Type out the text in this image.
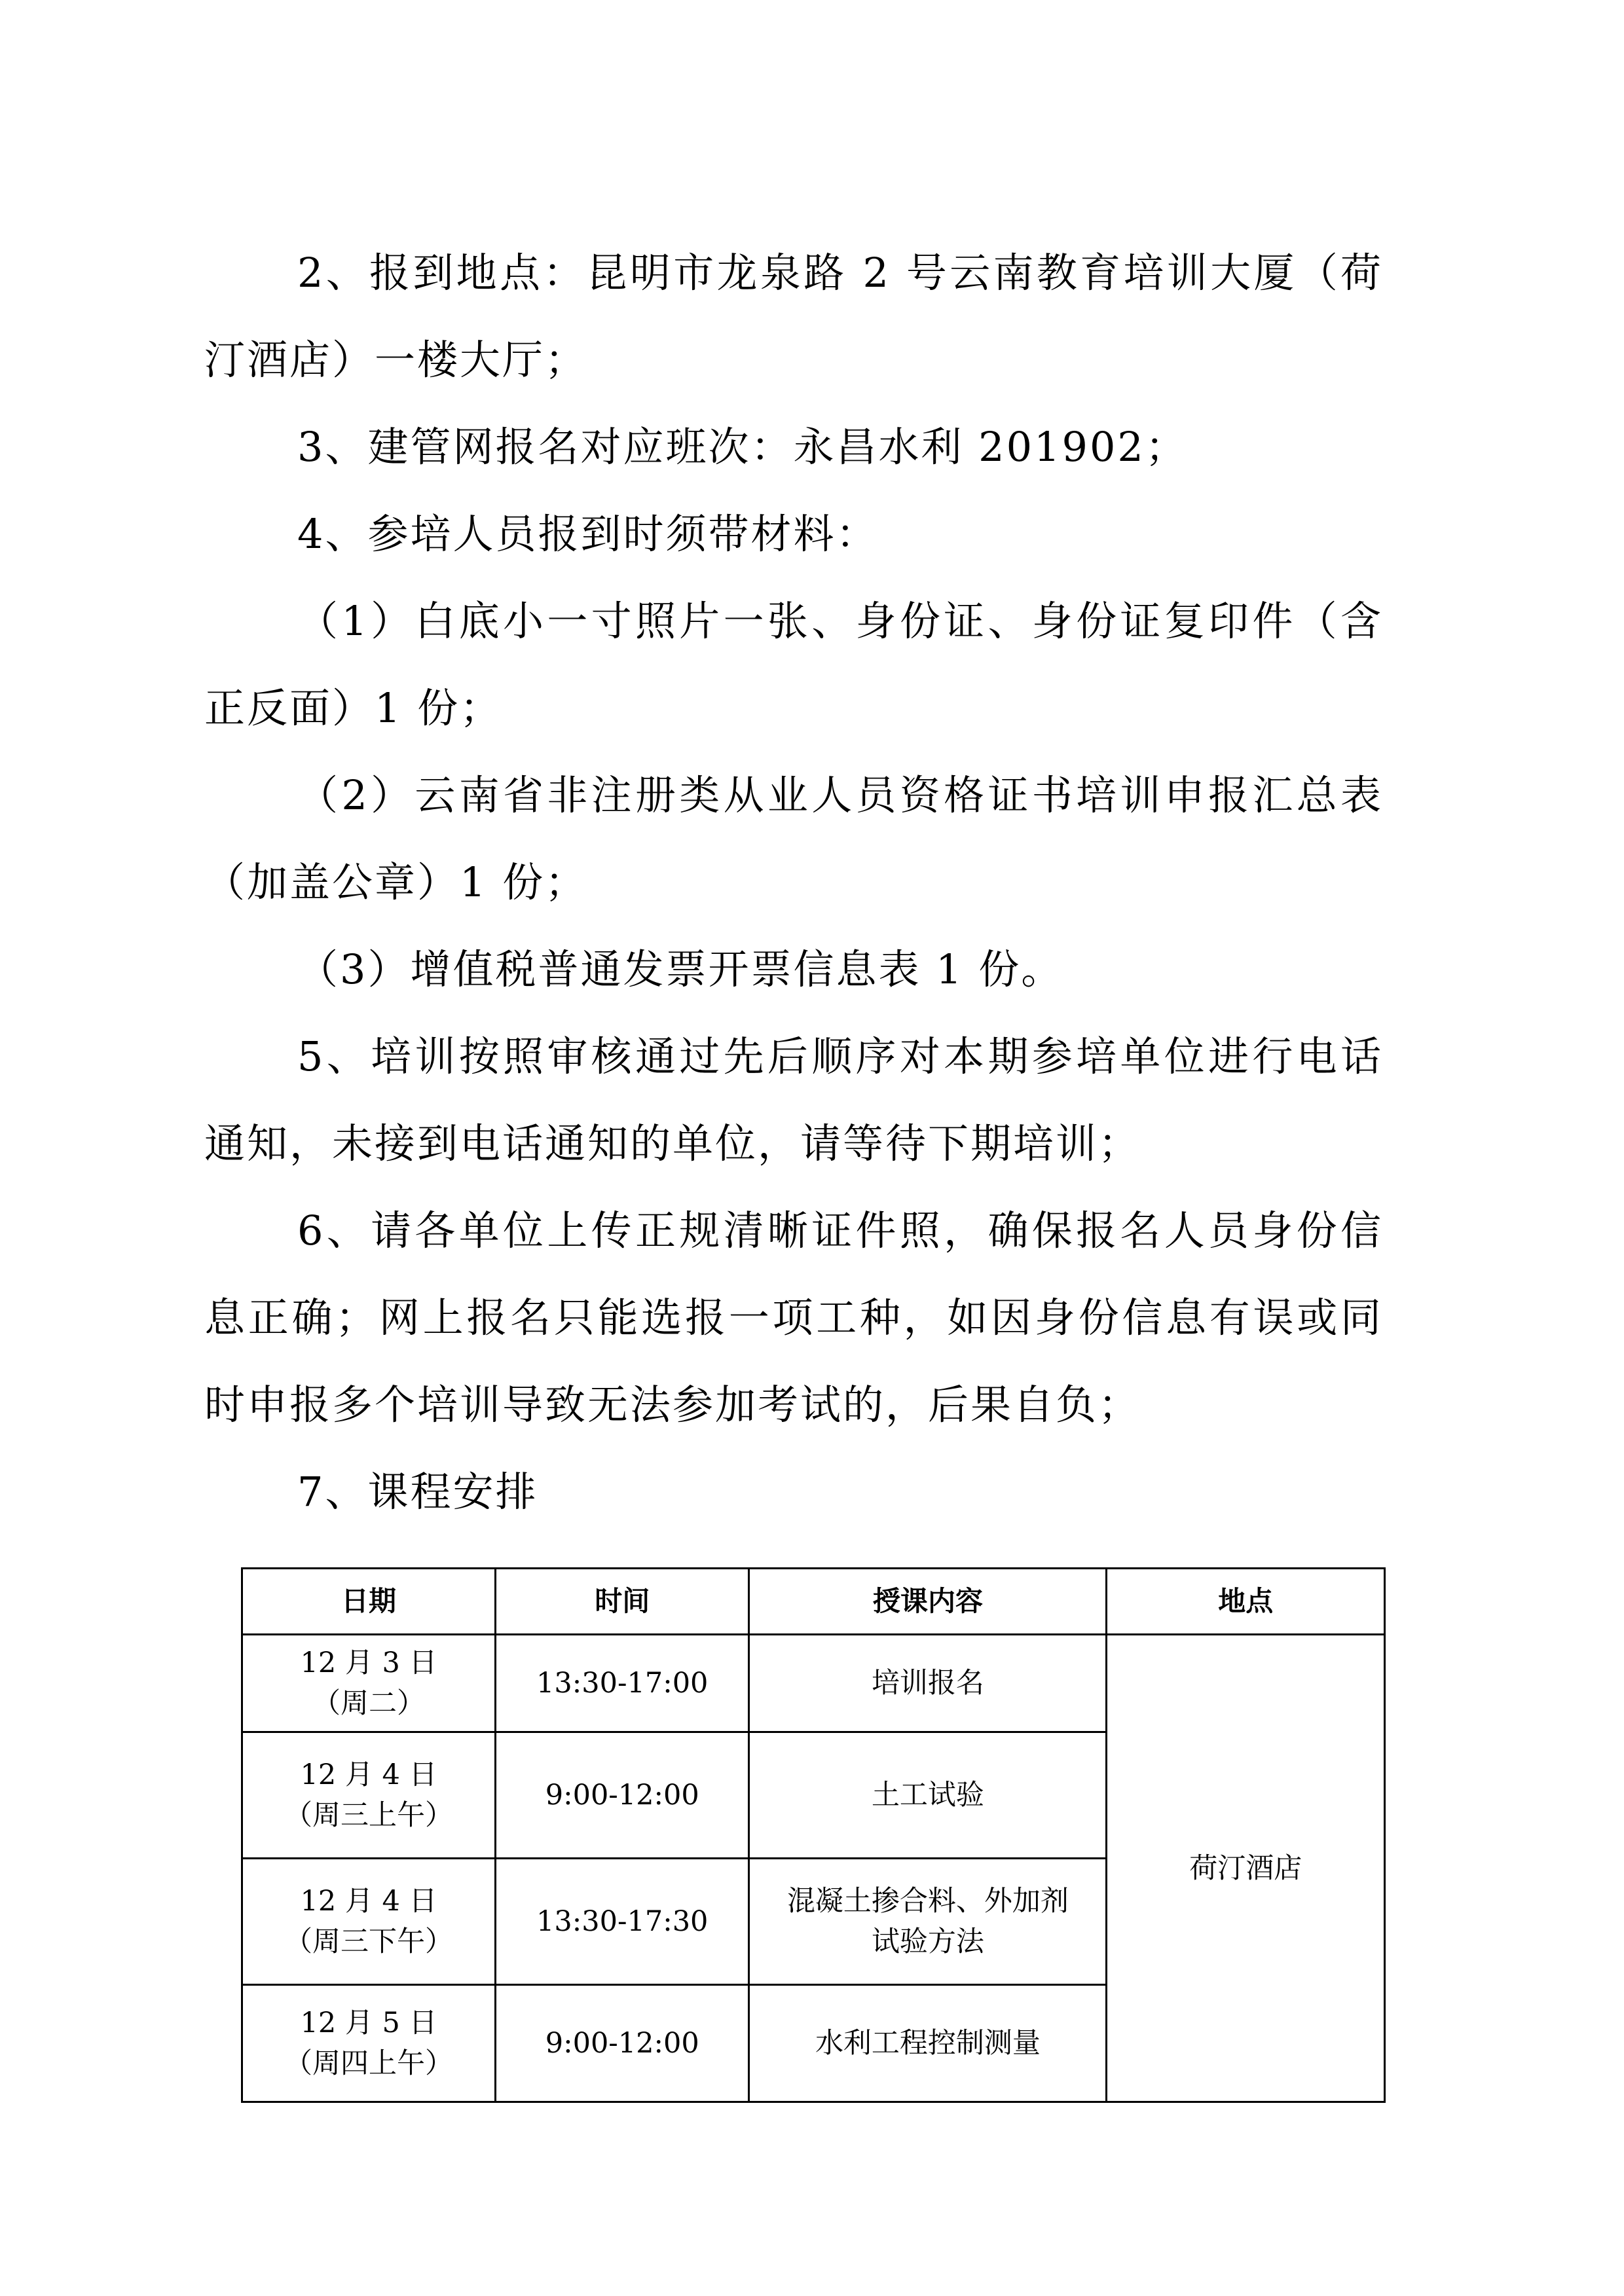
2、报到地点：昆明市龙泉路 2 号云南教育培训大厦（荷汀酒店）一楼大厅；

3、建管网报名对应班次：永昌水利 201902；

4、参培人员报到时须带材料：

（1）白底小一寸照片一张、身份证、身份证复印件（含正反面）1 份；

（2）云南省非注册类从业人员资格证书培训申报汇总表（加盖公章）1 份；

（3）增值税普通发票开票信息表 1 份。

5、培训按照审核通过先后顺序对本期参培单位进行电话通知，未接到电话通知的单位，请等待下期培训；

6、请各单位上传正规清晰证件照，确保报名人员身份信息正确；网上报名只能选报一项工种，如因身份信息有误或同时申报多个培训导致无法参加考试的，后果自负；

7、课程安排

日期	时间	授课内容	地点

12 月 3 日
（周二）	13:30-17:00	培训报名	荷汀酒店

12 月 4 日
（周三上午）	9:00-12:00	土工试验	

12 月 4 日
（周三下午）	13:30-17:30	混凝土掺合料、外加剂
试验方法	

12 月 5 日
（周四上午）	9:00-12:00	水利工程控制测量	
